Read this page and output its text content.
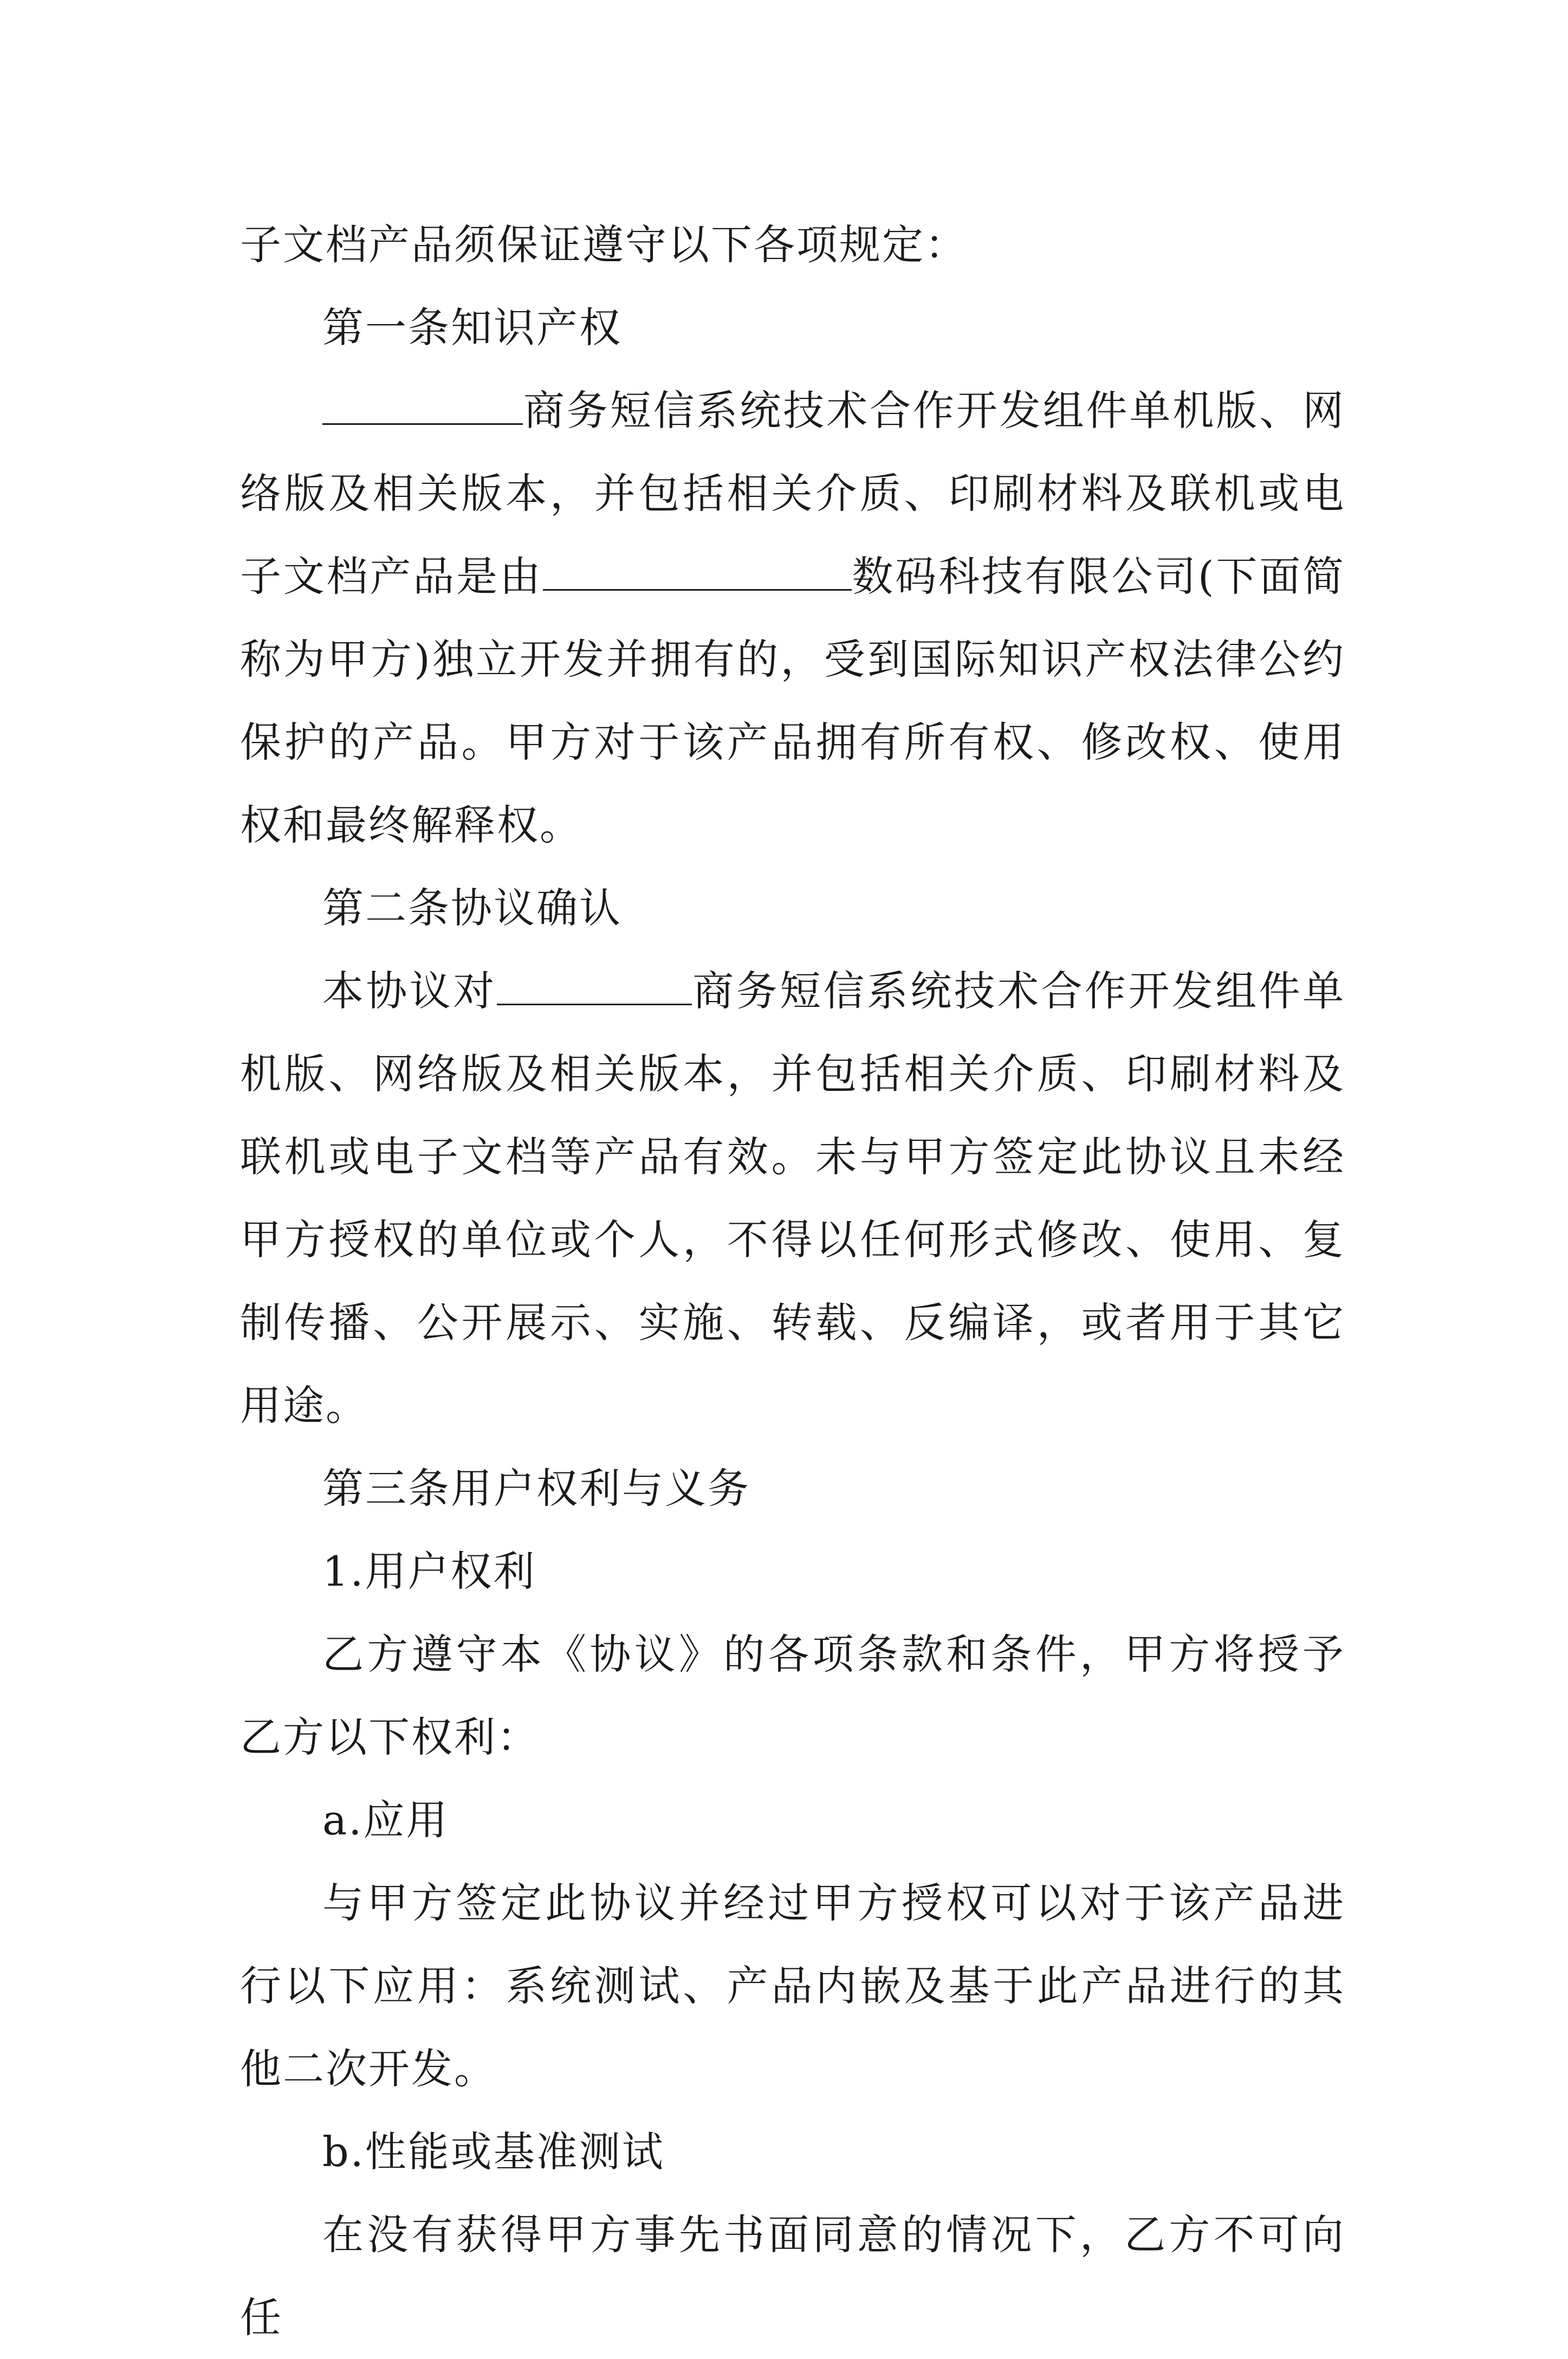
子文档产品须保证遵守以下各项规定：

第一条知识产权

商务短信系统技术合作开发组件单机版、网络版及相关版本，并包括相关介质、印刷材料及联机或电子文档产品是由	数码科技有限公司(下面简称为甲方)独立开发并拥有的，受到国际知识产权法律公约保护的产品。甲方对于该产品拥有所有权、修改权、使用权和最终解释权。

第二条协议确认

本协议对	商务短信系统技术合作开发组件单机版、网络版及相关版本，并包括相关介质、印刷材料及联机或电子文档等产品有效。未与甲方签定此协议且未经甲方授权的单位或个人，不得以任何形式修改、使用、复制传播、公开展示、实施、转载、反编译，或者用于其它用途。

第三条用户权利与义务

1.用户权利

乙方遵守本《协议》的各项条款和条件，甲方将授予乙方以下权利：

a.应用

与甲方签定此协议并经过甲方授权可以对于该产品进行以下应用：系统测试、产品内嵌及基于此产品进行的其他二次开发。

b.性能或基准测试

在没有获得甲方事先书面同意的情况下，乙方不可向任
